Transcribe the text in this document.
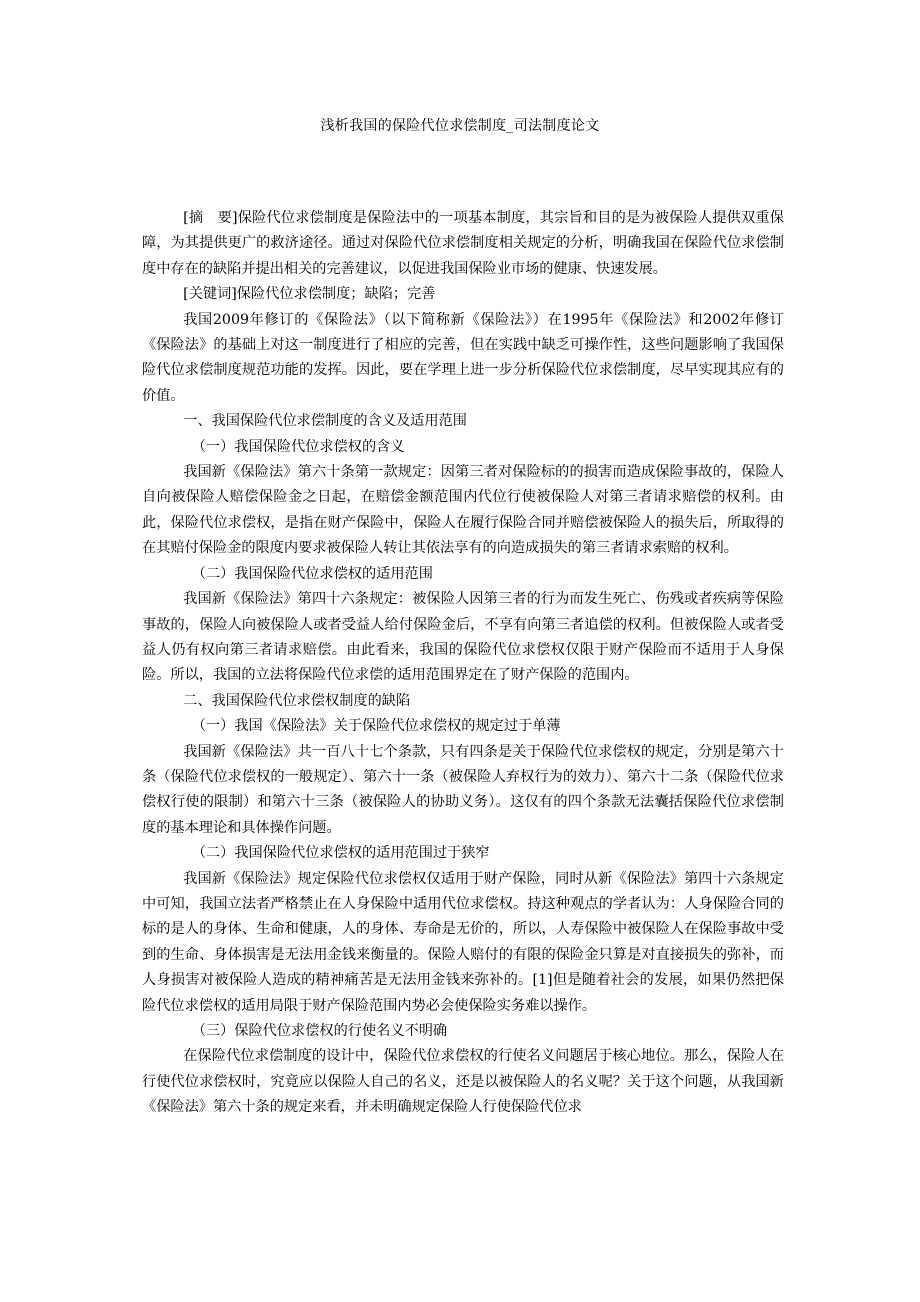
浅析我国的保险代位求偿制度_司法制度论文

[摘　要]保险代位求偿制度是保险法中的一项基本制度，其宗旨和目的是为被保险人提供双重保障，为其提供更广的救济途径。通过对保险代位求偿制度相关规定的分析，明确我国在保险代位求偿制度中存在的缺陷并提出相关的完善建议，以促进我国保险业市场的健康、快速发展。

[关键词]保险代位求偿制度；缺陷；完善

我国2009年修订的《保险法》（以下简称新《保险法》）在1995年《保险法》和2002年修订《保险法》的基础上对这一制度进行了相应的完善，但在实践中缺乏可操作性，这些问题影响了我国保险代位求偿制度规范功能的发挥。因此，要在学理上进一步分析保险代位求偿制度，尽早实现其应有的价值。

一、我国保险代位求偿制度的含义及适用范围

（一）我国保险代位求偿权的含义

我国新《保险法》第六十条第一款规定：因第三者对保险标的的损害而造成保险事故的，保险人自向被保险人赔偿保险金之日起，在赔偿金额范围内代位行使被保险人对第三者请求赔偿的权利。由此，保险代位求偿权，是指在财产保险中，保险人在履行保险合同并赔偿被保险人的损失后，所取得的在其赔付保险金的限度内要求被保险人转让其依法享有的向造成损失的第三者请求索赔的权利。

（二）我国保险代位求偿权的适用范围

我国新《保险法》第四十六条规定：被保险人因第三者的行为而发生死亡、伤残或者疾病等保险事故的，保险人向被保险人或者受益人给付保险金后，不享有向第三者追偿的权利。但被保险人或者受益人仍有权向第三者请求赔偿。由此看来，我国的保险代位求偿权仅限于财产保险而不适用于人身保险。所以，我国的立法将保险代位求偿的适用范围界定在了财产保险的范围内。

二、我国保险代位求偿权制度的缺陷

（一）我国《保险法》关于保险代位求偿权的规定过于单薄

我国新《保险法》共一百八十七个条款，只有四条是关于保险代位求偿权的规定，分别是第六十条（保险代位求偿权的一般规定）、第六十一条（被保险人弃权行为的效力）、第六十二条（保险代位求偿权行使的限制）和第六十三条（被保险人的协助义务）。这仅有的四个条款无法囊括保险代位求偿制度的基本理论和具体操作问题。

（二）我国保险代位求偿权的适用范围过于狭窄

我国新《保险法》规定保险代位求偿权仅适用于财产保险，同时从新《保险法》第四十六条规定中可知，我国立法者严格禁止在人身保险中适用代位求偿权。持这种观点的学者认为：人身保险合同的标的是人的身体、生命和健康，人的身体、寿命是无价的，所以，人寿保险中被保险人在保险事故中受到的生命、身体损害是无法用金钱来衡量的。保险人赔付的有限的保险金只算是对直接损失的弥补，而人身损害对被保险人造成的精神痛苦是无法用金钱来弥补的。[1]但是随着社会的发展，如果仍然把保险代位求偿权的适用局限于财产保险范围内势必会使保险实务难以操作。

（三）保险代位求偿权的行使名义不明确

在保险代位求偿制度的设计中，保险代位求偿权的行使名义问题居于核心地位。那么，保险人在行使代位求偿权时，究竟应以保险人自己的名义，还是以被保险人的名义呢？关于这个问题，从我国新《保险法》第六十条的规定来看，并未明确规定保险人行使保险代位求
